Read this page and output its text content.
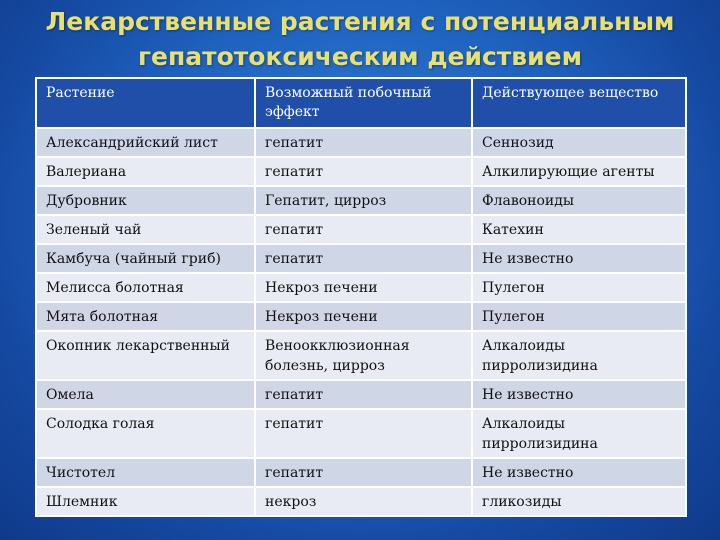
Лекарственные растения с потенциальным
гепатотоксическим действием
Растение	Возможный побочный эффект	Действующее вещество
Александрийский лист	гепатит	Сеннозид
Валериана	гепатит	Алкилирующие агенты
Дубровник	Гепатит, цирроз	Флавоноиды
Зеленый чай	гепатит	Катехин
Камбуча (чайный гриб)	гепатит	Не известно
Мелисса болотная	Некроз печени	Пулегон
Мята болотная	Некроз печени	Пулегон
Окопник лекарственный	Веноокклюзионная болезнь, цирроз	Алкалоиды пирролизидина
Омела	гепатит	Не известно
Солодка голая	гепатит	Алкалоиды пирролизидина
Чистотел	гепатит	Не известно
Шлемник	некроз	гликозиды
